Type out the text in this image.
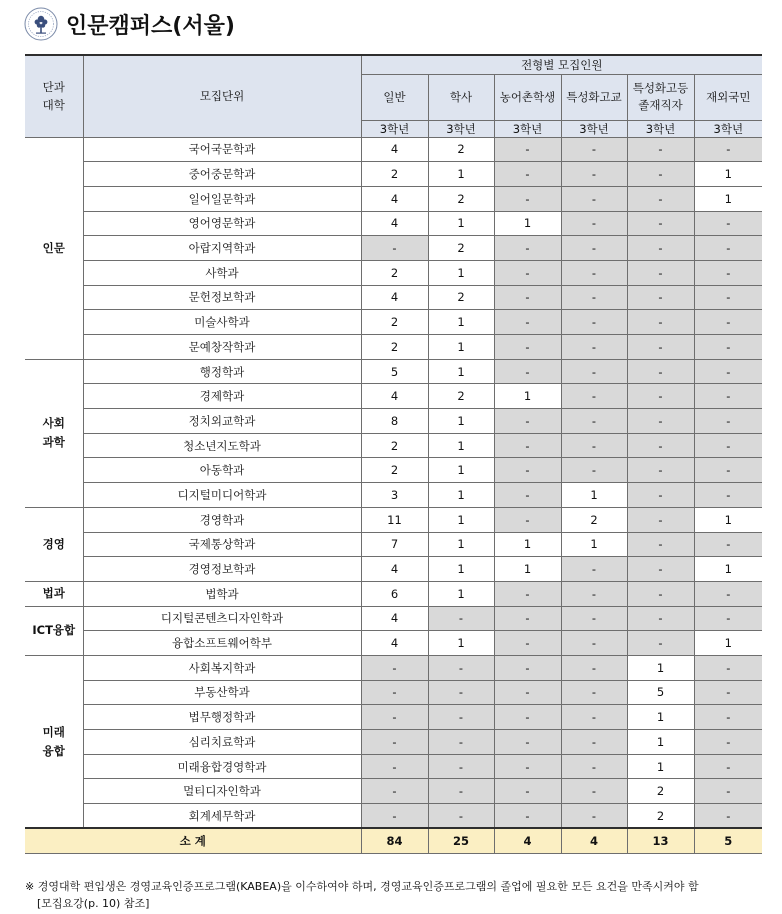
인문캠퍼스(서울)
단과
대학	모집단위	전형별 모집인원					
		일반	학사	농어촌학생	특성화고교	특성화고등
졸재직자	재외국민
		3학년	3학년	3학년	3학년	3학년	3학년
인문	국어국문학과	4	2	-	-	-	-
	중어중문학과	2	1	-	-	-	1
	일어일문학과	4	2	-	-	-	1
	영어영문학과	4	1	1	-	-	-
	아랍지역학과	-	2	-	-	-	-
	사학과	2	1	-	-	-	-
	문헌정보학과	4	2	-	-	-	-
	미술사학과	2	1	-	-	-	-
	문예창작학과	2	1	-	-	-	-
사회
과학	행정학과	5	1	-	-	-	-
	경제학과	4	2	1	-	-	-
	정치외교학과	8	1	-	-	-	-
	청소년지도학과	2	1	-	-	-	-
	아동학과	2	1	-	-	-	-
	디지털미디어학과	3	1	-	1	-	-
경영	경영학과	11	1	-	2	-	1
	국제통상학과	7	1	1	1	-	-
	경영정보학과	4	1	1	-	-	1
법과	법학과	6	1	-	-	-	-
ICT융합	디지털콘텐츠디자인학과	4	-	-	-	-	-
	융합소프트웨어학부	4	1	-	-	-	1
미래
융합	사회복지학과	-	-	-	-	1	-
	부동산학과	-	-	-	-	5	-
	법무행정학과	-	-	-	-	1	-
	심리치료학과	-	-	-	-	1	-
	미래융합경영학과	-	-	-	-	1	-
	멀티디자인학과	-	-	-	-	2	-
	회계세무학과	-	-	-	-	2	-
소 계		84	25	4	4	13	5
※ 경영대학 편입생은 경영교육인증프로그램(KABEA)을 이수하여야 하며, 경영교육인증프로그램의 졸업에 필요한 모든 요건을 만족시켜야 함
[모집요강(p. 10) 참조]
